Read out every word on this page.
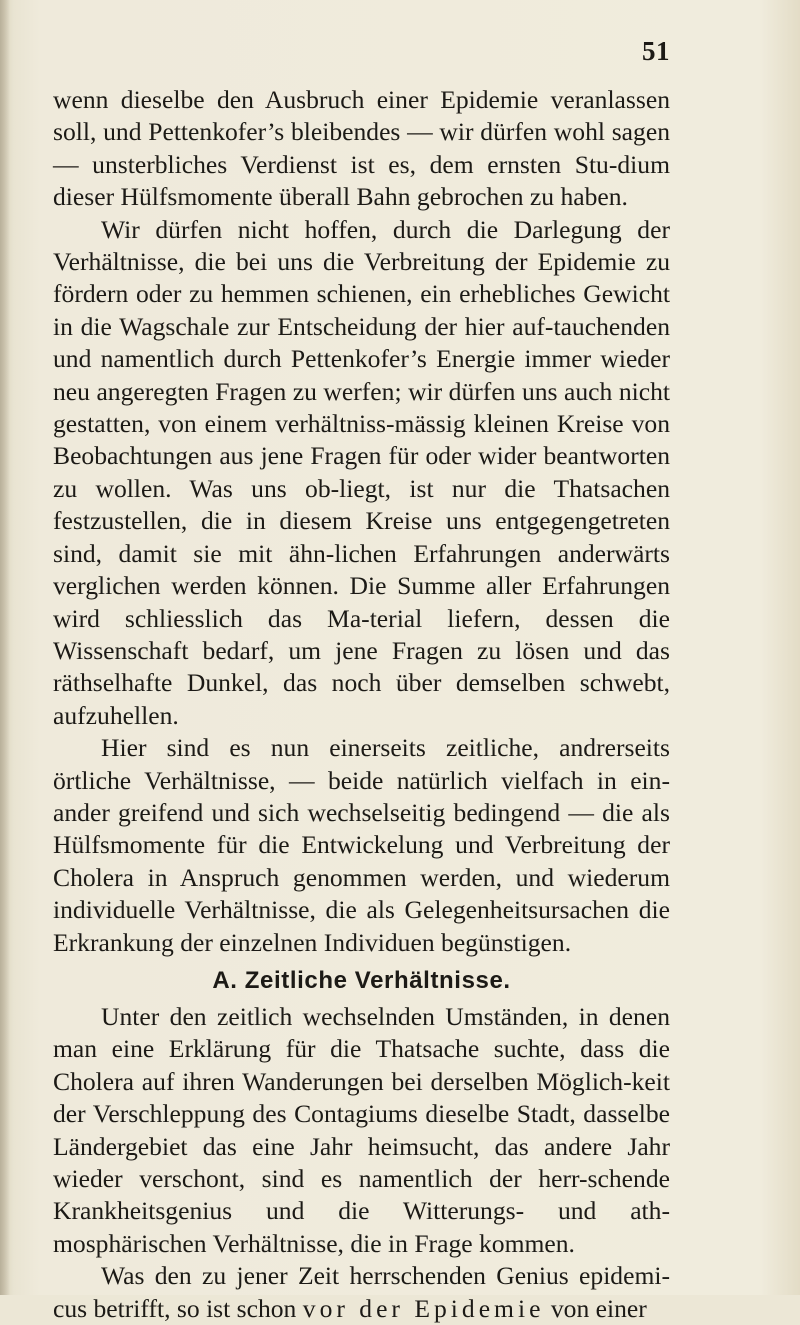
51

wenn dieselbe den Ausbruch einer Epidemie veranlassen soll, und Pettenkofer’s bleibendes — wir dürfen wohl sagen — unsterbliches Verdienst ist es, dem ernsten Stu-dium dieser Hülfsmomente überall Bahn gebrochen zu haben.

Wir dürfen nicht hoffen, durch die Darlegung der Verhältnisse, die bei uns die Verbreitung der Epidemie zu fördern oder zu hemmen schienen, ein erhebliches Gewicht in die Wagschale zur Entscheidung der hier auf-tauchenden und namentlich durch Pettenkofer’s Energie immer wieder neu angeregten Fragen zu werfen; wir dürfen uns auch nicht gestatten, von einem verhältniss-mässig kleinen Kreise von Beobachtungen aus jene Fragen für oder wider beantworten zu wollen. Was uns ob-liegt, ist nur die Thatsachen festzustellen, die in diesem Kreise uns entgegengetreten sind, damit sie mit ähn-lichen Erfahrungen anderwärts verglichen werden können. Die Summe aller Erfahrungen wird schliesslich das Ma-terial liefern, dessen die Wissenschaft bedarf, um jene Fragen zu lösen und das räthselhafte Dunkel, das noch über demselben schwebt, aufzuhellen.

Hier sind es nun einerseits zeitliche, andrerseits örtliche Verhältnisse, — beide natürlich vielfach in ein-ander greifend und sich wechselseitig bedingend — die als Hülfsmomente für die Entwickelung und Verbreitung der Cholera in Anspruch genommen werden, und wiederum individuelle Verhältnisse, die als Gelegenheitsursachen die Erkrankung der einzelnen Individuen begünstigen.

A. Zeitliche Verhältnisse.

Unter den zeitlich wechselnden Umständen, in denen man eine Erklärung für die Thatsache suchte, dass die Cholera auf ihren Wanderungen bei derselben Möglich-keit der Verschleppung des Contagiums dieselbe Stadt, dasselbe Ländergebiet das eine Jahr heimsucht, das andere Jahr wieder verschont, sind es namentlich der herr-schende Krankheitsgenius und die Witterungs- und ath-mosphärischen Verhältnisse, die in Frage kommen.

Was den zu jener Zeit herrschenden Genius epidemi-cus betrifft, so ist schon vor der Epidemie von einer
